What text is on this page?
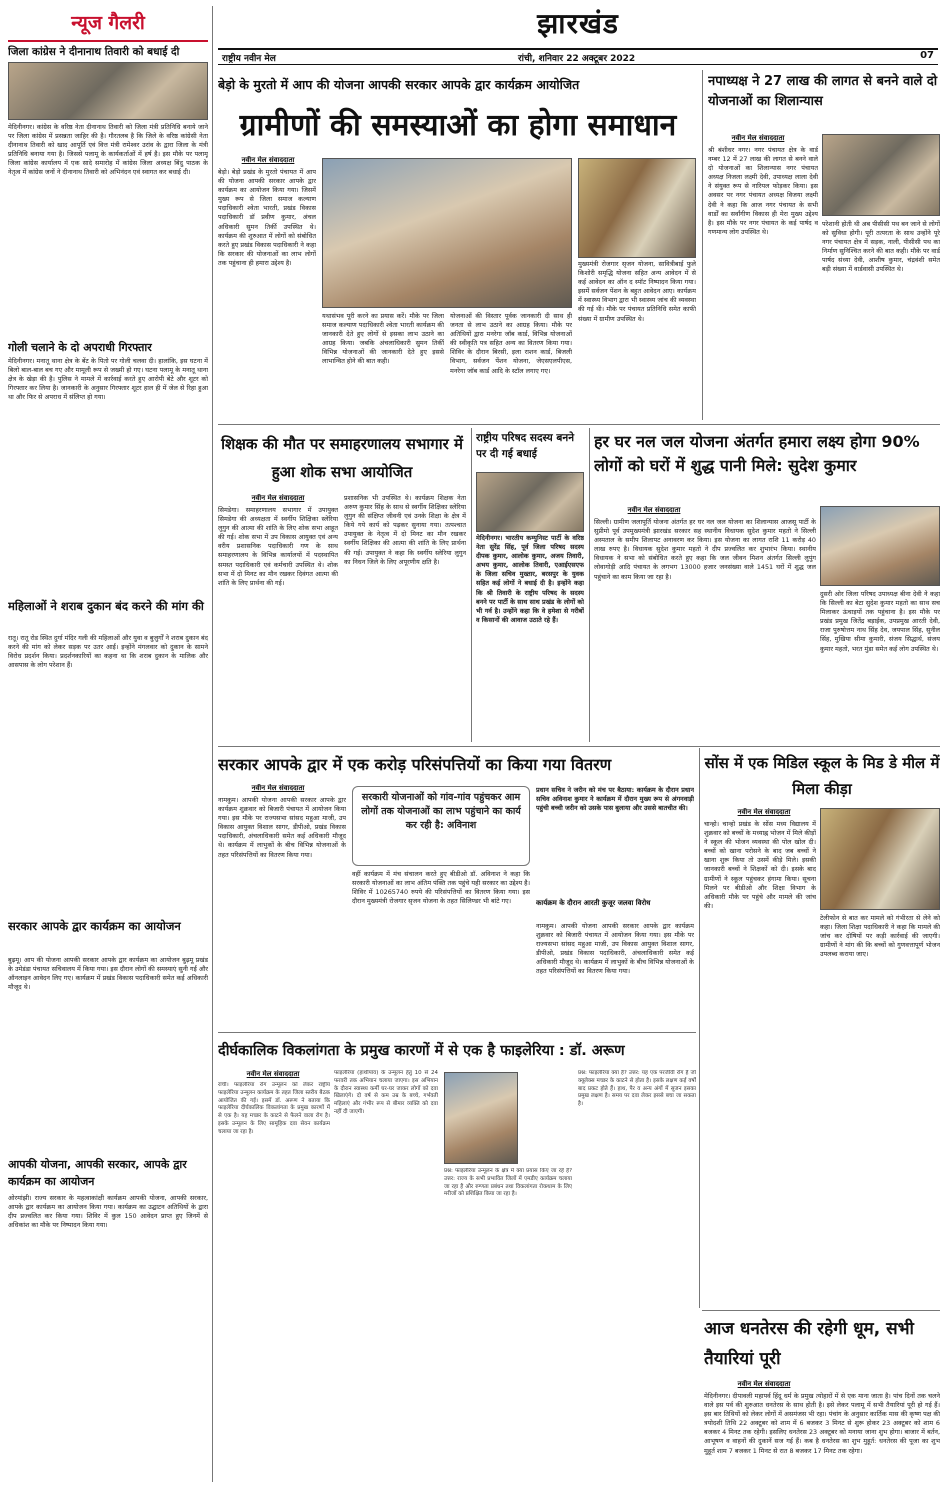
न्यूज गैलरी
जिला कांग्रेस ने दीनानाथ तिवारी को बधाई दी
मेदिनीनगर। कांग्रेस के वरिष्ठ नेता दीनानाथ तिवारी को जिला मंत्री प्रतिनिधि बनाये जाने पर जिला कांग्रेस में प्रसन्नता जाहिर की है। गौरतलब है कि जिले के वरिष्ठ कांग्रेसी नेता दीनानाथ तिवारी को खाद आपूर्ति एवं वित्त मंत्री रामेश्वर उरांव के द्वारा जिला के मंत्री प्रतिनिधि बनाया गया है। जिससे पलामू के कार्यकर्ताओं में हर्ष है। इस मौके पर पलामू जिला कांग्रेस कार्यालय में एक सादे समारोह में कांग्रेस जिला अध्यक्ष बिंदु पाठक के नेतृत्व में कांग्रेस जनों ने दीनानाथ तिवारी को अभिनंदन एवं स्वागत कर बधाई दी।
गोली चलाने के दो अपराधी गिरफ्तार
मेदिनीनगर। मनातू थाना क्षेत्र के बेंट के पितो पर गोली चलवा दी। हालांकि, इस घटना में बिलो बाल-बाल बच गए और मामूली रूप से जख्मी हो गए। घटना पलामू के मनातू थाना क्षेत्र के खेड़ा की है। पुलिस ने मामले में कार्रवाई करते हुए आरोपी बेटे और शूटर को गिरफ्तार कर लिया है। जानकारी के अनुसार गिरफ्तार शूटर हाल ही में जेल से रिहा हुआ था और फिर से अपराध में संलिप्त हो गया।
महिलाओं ने शराब दुकान बंद करने की मांग की
रातू। रातू रोड स्थित दुर्गा मंदिर गली की महिलाओं और युवा व बुजुर्गों ने शराब दुकान बंद करने की मांग को लेकर सड़क पर उतर आईं। इन्होंने मंगलवार को दुकान के सामने विरोध प्रदर्शन किया। प्रदर्शनकारियों का कहना था कि शराब दुकान के मालिक और आसपास के लोग परेशान हैं।
सरकार आपके द्वार कार्यक्रम का आयोजन
बुढ़मू। आप की योजना आपकी सरकार आपके द्वार कार्यक्रम का आयोजन बुढ़मू प्रखंड के उमेडंडा पंचायत सचिवालय में किया गया। इस दौरान लोगों की समस्याएं सुनी गईं और ऑनलाइन आवेदन लिए गए। कार्यक्रम में प्रखंड विकास पदाधिकारी समेत कई अधिकारी मौजूद थे।
आपकी योजना, आपकी सरकार, आपके द्वार कार्यक्रम का आयोजन
ओरमांझी। राज्य सरकार के महत्वाकांक्षी कार्यक्रम आपकी योजना, आपकी सरकार, आपके द्वार कार्यक्रम का आयोजन किया गया। कार्यक्रम का उद्घाटन अतिथियों के द्वारा दीप प्रज्वलित कर किया गया। शिविर में कुल 150 आवेदन प्राप्त हुए जिनमें से अधिकांश का मौके पर निष्पादन किया गया।
झारखंड
राष्ट्रीय नवीन मेल	रांची, शनिवार 22 अक्टूबर 2022	07
बेड़ो के मुरतो में आप की योजना आपकी सरकार आपके द्वार कार्यक्रम आयोजित
ग्रामीणों की समस्याओं का होगा समाधान
नवीन मेल संवाददाता
बेड़ो। बेड़ो प्रखंड के मुरतो पंचायत में आप की योजना आपकी सरकार आपके द्वार कार्यक्रम का आयोजन किया गया। जिसमें मुख्य रूप से जिला समाज कल्याण पदाधिकारी श्वेता भारती, प्रखंड विकास पदाधिकारी डॉ प्रवीण कुमार, अंचल अधिकारी सुमन तिर्की उपस्थित थे। कार्यक्रम की शुरुआत में लोगों को संबोधित करते हुए प्रखंड विकास पदाधिकारी ने कहा कि सरकार की योजनाओं का लाभ लोगों तक पहुंचाना ही हमारा उद्देश्य है।
यथासंभव पूरी करने का प्रयास करें। मौके पर जिला समाज कल्याण पदाधिकारी श्वेता भारती कार्यक्रम की जानकारी देते हुए लोगों से इसका लाभ उठाने का आग्रह किया। जबकि अंचलाधिकारी सुमन तिर्की विभिन्न योजनाओं की जानकारी देते हुए इससे लाभान्वित होने की बात कही।
योजनाओं की विस्तार पूर्वक जानकारी दी साथ ही जनता से लाभ उठाने का आग्रह किया। मौके पर अतिथियों द्वारा मनरेगा जॉब कार्ड, विभिन्न योजनाओं की स्वीकृति पत्र सहित अन्य का वितरण किया गया। शिविर के दौरान बिरसी, इला राशन कार्ड, बिजली विभाग, सर्वजन पेंशन योजना, जेएसएलपीएस, मनरेगा जॉब कार्ड आदि के स्टॉल लगाए गए।
मुख्यमंत्री रोजगार सृजन योजना, सावित्रीबाई फुले किशोरी समृद्धि योजना सहित अन्य आवेदन में से कई आवेदन का ऑन द स्पॉट निष्पादन किया गया। इसमें सर्वजन पेंशन के बहुत आवेदन आए। कार्यक्रम में स्वास्थ्य विभाग द्वारा भी स्वास्थ्य जांच की व्यवस्था की गई थी। मौके पर पंचायत प्रतिनिधि समेत काफी संख्या में ग्रामीण उपस्थित थे।
नपाध्यक्ष ने 27 लाख की लागत से बनने वाले दो योजनाओं का शिलान्यास
नवीन मेल संवाददाता
श्री बंशीधर नगर। नगर पंचायत क्षेत्र के वार्ड नम्बर 12 में 27 लाख की लागत से बनने वाले दो योजनाओं का शिलान्यास नगर पंचायत अध्यक्ष निजला लक्ष्मी देवी, उपाध्यक्ष लाला देवी ने संयुक्त रूप से नारियल फोड़कर किया। इस अवसर पर नगर पंचायत अध्यक्ष विजया लक्ष्मी देवी ने कहा कि आज नगर पंचायत के सभी वार्डों का सर्वांगीण विकास ही मेरा मुख्य उद्देश्य है। इस मौके पर नगर पंचायत के कई पार्षद व गणमान्य लोग उपस्थित थे।
परेशानी होती थी अब पीसीसी पथ बन जाने से लोगों को सुविधा होगी। पूरी तत्परता के साथ उन्होंने पूरे नगर पंचायत क्षेत्र में सड़क, नाली, पीसीसी पथ का निर्माण सुनिश्चित करने की बात कही। मौके पर वार्ड पार्षद संध्या देवी, आशीष कुमार, चंद्रवंशी समेत बड़ी संख्या में वार्डवासी उपस्थित थे।
शिक्षक की मौत पर समाहरणालय सभागार में हुआ शोक सभा आयोजित
नवीन मेल संवाददाता
सिमडेगा। समाहरणालय सभागार में उपायुक्त सिमडेगा की अध्यक्षता में स्वर्गीय शिक्षिका स्लेरिया लुगुन की आत्मा की शांति के लिए शोक सभा आहूत की गई। शोक सभा में उप विकास आयुक्त एवं अन्य वरीय प्रशासनिक पदाधिकारी गण के साथ समाहरणालय के विभिन्न कार्यालयों में पदस्थापित समस्त पदाधिकारी एवं कर्मचारी उपस्थित थे। शोक सभा में दो मिनट का मौन रखकर दिवंगत आत्मा की शांति के लिए प्रार्थना की गई।
प्रशासनिक भी उपस्थित थे। कार्यक्रम शिक्षक नेता अरुण कुमार सिंह के साथ से स्वर्गीय शिक्षिका स्लेरिया लुगुन की संक्षिप्त जीवनी एवं उनके शिक्षा के क्षेत्र में किये गये कार्य को पढ़कर सुनाया गया। तत्पश्चात उपायुक्त के नेतृत्व में दो मिनट का मौन रखकर स्वर्गीय शिक्षिका की आत्मा की शांति के लिए प्रार्थना की गई। उपायुक्त ने कहा कि स्वर्गीय स्लेरिया लुगुन का निधन जिले के लिए अपूरणीय क्षति है।
राष्ट्रीय परिषद सदस्य बनने पर दी गई बधाई
मेदिनीनगर। भारतीय कम्युनिस्ट पार्टी के वरिष्ठ नेता सुरेंद्र सिंह, पूर्व जिला परिषद सदस्य दीपक कुमार, आलोक कुमार, अजय तिवारी, अभय कुमार, आलोक तिवारी, एआईएसएफ के जिला सचिव मुख्तार, बरसपुर के युवक सहित कई लोगों ने बधाई दी है। इन्होंने कहा कि श्री तिवारी के राष्ट्रीय परिषद के सदस्य बनने पर पार्टी के साथ साथ प्रखंड के लोगों को भी गर्व है। उन्होंने कहा कि वे हमेशा से गरीबों व किसानों की आवाज उठाते रहे हैं।
हर घर नल जल योजना अंतर्गत हमारा लक्ष्य होगा 90% लोगों को घरों में शुद्ध पानी मिले: सुदेश कुमार
नवीन मेल संवाददाता
सिल्ली। ग्रामीण जलापूर्ति योजना अंतर्गत हर घर नल जल योजना का शिलान्यास आजसू पार्टी के सुप्रीमो पूर्व उपमुख्यमंत्री झारखंड सरकार सह स्थानीय विधायक सुदेश कुमार महतो ने सिल्ली अस्पताल के समीप शिलापट अनावरण कर किया। इस योजना का लागत राशि 11 करोड़ 40 लाख रुपए है। विधायक सुदेश कुमार महतो ने दीप प्रज्वलित कर शुभारंभ किया। स्थानीय विधायक ने सभा को संबोधित करते हुए कहा कि जल जीवन मिशन अंतर्गत सिल्ली लुपुंग लोवागोड़ी आदि पंचायत के लगभग 13000 हजार जनसंख्या वाले 1451 घरों में शुद्ध जल पहुंचाने का काम किया जा रहा है।
दुसरी ओर जिला परिषद उपाध्यक्ष बीना देवी ने कहा कि सिल्ली का बेटा सुदेश कुमार महतो का साथ सच मिलाकर ऊंचाइयों तक पहुंचाना है। इस मौके पर प्रखंड प्रमुख जितेंद्र बड़ाईक, उपप्रमुख आरती देवी, राजा पुरुषोत्तम नाथ सिंह देव, जयपाल सिंह, सुनील सिंह, मुखिया सीमा कुमारी, संजय सिद्धार्थ, संजय कुमार महतो, भरत मुंडा समेत कई लोग उपस्थित थे।
सरकार आपके द्वार में एक करोड़ परिसंपत्तियों का किया गया वितरण
नवीन मेल संवाददाता
नामकुम। आपकी योजना आपकी सरकार आपके द्वार कार्यक्रम शुक्रवार को बिजारी पंचायत में आयोजन किया गया। इस मौके पर राज्यसभा सांसद महुआ माजी, उप विकास आयुक्त विशाल सागर, डीपीओ, प्रखंड विकास पदाधिकारी, अंचलाधिकारी समेत कई अधिकारी मौजूद थे। कार्यक्रम में लाभुकों के बीच विभिन्न योजनाओं के तहत परिसंपत्तियों का वितरण किया गया।
सरकारी योजनाओं को गांव-गांव पहुंचकर आम लोगों तक योजनाओं का लाभ पहुंचाने का कार्य कर रही है: अविनाश
वहीं कार्यक्रम में मंच संचालन करते हुए बीडीओ डॉ. अविनाश ने कहा कि सरकारी योजनाओं का लाभ अंतिम पंक्ति तक पहुंचे यही सरकार का उद्देश्य है। शिविर में 10265740 रुपये की परिसंपत्तियों का वितरण किया गया। इस दौरान मुख्यमंत्री रोजगार सृजन योजना के तहत सिलिण्डर भी बांटे गए।
प्रधान सचिव ने जरीन को मंच पर बैठाया: कार्यक्रम के दौरान प्रधान सचिव अविनाश कुमार ने कार्यक्रम में दौरान मुख्य रूप से अंगनवाड़ी पहुंची बच्ची जरीन को उसके पास बुलाया और उससे बातचीत की।
कार्यक्रम के दौरान आरती कुजूर जलवा विरोध
नामकुम। आपकी योजना आपकी सरकार आपके द्वार कार्यक्रम शुक्रवार को बिजारी पंचायत में आयोजन किया गया। इस मौके पर राज्यसभा सांसद महुआ माजी, उप विकास आयुक्त विशाल सागर, डीपीओ, प्रखंड विकास पदाधिकारी, अंचलाधिकारी समेत कई अधिकारी मौजूद थे। कार्यक्रम में लाभुकों के बीच विभिन्न योजनाओं के तहत परिसंपत्तियों का वितरण किया गया।
सोंस में एक मिडिल स्कूल के मिड डे मील में मिला कीड़ा
नवीन मेल संवाददाता
चान्हो। चान्हो प्रखंड के सोंस मध्य विद्यालय में शुक्रवार को बच्चों के मध्याह्न भोजन में मिले कीड़ों ने स्कूल की भोजन व्यवस्था की पोल खोल दी। बच्चों को खाना परोसने के बाद जब बच्चों ने खाना शुरू किया तो उसमें कीड़े मिले। इसकी जानकारी बच्चों ने शिक्षकों को दी। इसके बाद ग्रामीणों ने स्कूल पहुंचकर हंगामा किया। सूचना मिलने पर बीडीओ और शिक्षा विभाग के अधिकारी मौके पर पहुंचे और मामले की जांच की।
टेलीफोन से बात कर मामले को गंभीरता से लेने को कहा। जिला शिक्षा पदाधिकारी ने कहा कि मामले की जांच कर दोषियों पर कड़ी कार्रवाई की जाएगी। ग्रामीणों ने मांग की कि बच्चों को गुणवत्तापूर्ण भोजन उपलब्ध कराया जाए।
दीर्घकालिक विकलांगता के प्रमुख कारणों में से एक है फाइलेरिया : डॉ. अरूण
नवीन मेल संवाददाता
रांची। फाइलेरिया रोग उन्मूलन को लेकर राष्ट्रीय फाइलेरिया उन्मूलन कार्यक्रम के तहत जिला स्तरीय बैठक आयोजित की गई। इसमें डॉ. अरूण ने बताया कि फाइलेरिया दीर्घकालिक विकलांगता के प्रमुख कारणों में से एक है। यह मच्छर के काटने से फैलने वाला रोग है। इसके उन्मूलन के लिए सामूहिक दवा सेवन कार्यक्रम चलाया जा रहा है।
फाइलेरिया (हाथीपांव) के उन्मूलन हेतु 10 से 24 फरवरी तक अभियान चलाया जाएगा। इस अभियान के दौरान स्वास्थ्य कर्मी घर-घर जाकर लोगों को दवा खिलाएंगे। दो वर्ष से कम उम्र के बच्चे, गर्भवती महिलाएं और गंभीर रूप से बीमार व्यक्ति को दवा नहीं दी जाएगी।
प्रश्न: फाइलेरिया उन्मूलन के क्षेत्र में क्या प्रयास किए जा रहे हैं? उत्तर: राज्य के सभी प्रभावित जिलों में एमडीए कार्यक्रम चलाया जा रहा है और रुग्णता प्रबंधन तथा विकलांगता रोकथाम के लिए मरीजों को प्रशिक्षित किया जा रहा है।
प्रश्न: फाइलेरिया क्या है? उत्तर: यह एक परजीवी रोग है जो क्यूलेक्स मच्छर के काटने से होता है। इसके लक्षण कई वर्षों बाद प्रकट होते हैं। हाथ, पैर व अन्य अंगों में सूजन इसका प्रमुख लक्षण है। समय पर दवा लेकर इससे बचा जा सकता है।
आज धनतेरस की रहेगी धूम, सभी तैयारियां पूरी
नवीन मेल संवाददाता
मेदिनीनगर। दीपावली महापर्व हिंदू धर्म के प्रमुख त्योहारों में से एक माना जाता है। पांच दिनों तक चलने वाले इस पर्व की शुरुआत धनतेरस के साथ होती है। इसे लेकर पलामू में सभी तैयारियां पूरी हो गई हैं। इस बार तिथियों को लेकर लोगों में असमंजस भी रहा। पंचांग के अनुसार कार्तिक मास की कृष्ण पक्ष की त्रयोदशी तिथि 22 अक्टूबर को शाम में 6 बजकर 3 मिनट से शुरू होकर 23 अक्टूबर को शाम 6 बजकर 4 मिनट तक रहेगी। इसलिए धनतेरस 23 अक्टूबर को मनाया जाना शुभ होगा। बाजार में बर्तन, आभूषण व वाहनों की दुकानें सज गई हैं। कब है धनतेरस का शुभ मुहूर्त: धनतेरस की पूजा का शुभ मुहूर्त शाम 7 बजकर 1 मिनट से रात 8 बजकर 17 मिनट तक रहेगा।
